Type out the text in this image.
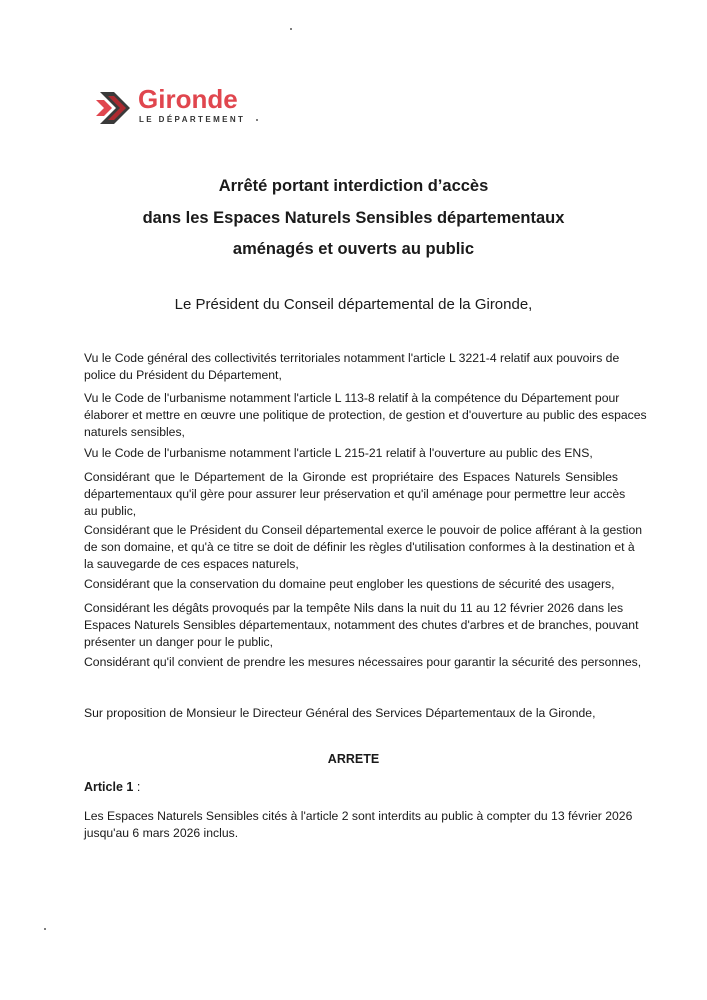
Gironde
LE DÉPARTEMENT
Arrêté portant interdiction d’accès
dans les Espaces Naturels Sensibles départementaux
aménagés et ouverts au public
Le Président du Conseil départemental de la Gironde,
Vu le Code général des collectivités territoriales notamment l'article L 3221-4 relatif aux pouvoirs de
police du Président du Département,
Vu le Code de l'urbanisme notamment l'article L 113-8 relatif à la compétence du Département pour
élaborer et mettre en œuvre une politique de protection, de gestion et d'ouverture au public des espaces
naturels sensibles,
Vu le Code de l'urbanisme notamment l'article L 215-21 relatif à l'ouverture au public des ENS,
Considérant que le Département de la Gironde est propriétaire des Espaces Naturels Sensibles
départementaux qu'il gère pour assurer leur préservation et qu'il aménage pour permettre leur accès
au public,
Considérant que le Président du Conseil départemental exerce le pouvoir de police afférant à la gestion
de son domaine, et qu'à ce titre se doit de définir les règles d'utilisation conformes à la destination et à
la sauvegarde de ces espaces naturels,
Considérant que la conservation du domaine peut englober les questions de sécurité des usagers,
Considérant les dégâts provoqués par la tempête Nils dans la nuit du 11 au 12 février 2026 dans les
Espaces Naturels Sensibles départementaux, notamment des chutes d'arbres et de branches, pouvant
présenter un danger pour le public,
Considérant qu'il convient de prendre les mesures nécessaires pour garantir la sécurité des personnes,
Sur proposition de Monsieur le Directeur Général des Services Départementaux de la Gironde,
ARRETE
Article 1 :
Les Espaces Naturels Sensibles cités à l'article 2 sont interdits au public à compter du 13 février 2026
jusqu'au 6 mars 2026 inclus.
